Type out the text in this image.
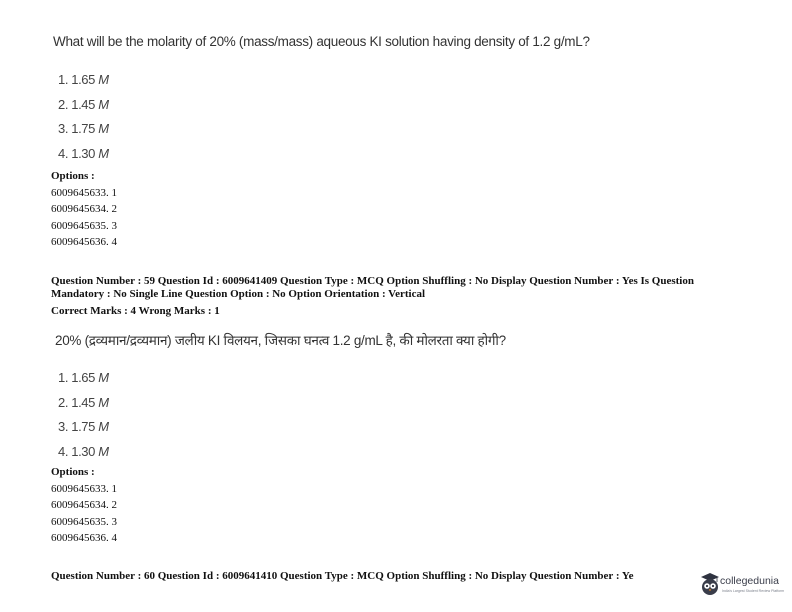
What will be the molarity of 20% (mass/mass) aqueous KI solution having density of 1.2 g/mL?
1. 1.65 M
2. 1.45 M
3. 1.75 M
4. 1.30 M
Options :
6009645633. 1
6009645634. 2
6009645635. 3
6009645636. 4
Question Number : 59 Question Id : 6009641409 Question Type : MCQ Option Shuffling : No Display Question Number : Yes Is Question Mandatory : No Single Line Question Option : No Option Orientation : Vertical
Correct Marks : 4 Wrong Marks : 1
20% (द्रव्यमान/द्रव्यमान) जलीय KI विलयन, जिसका घनत्व 1.2 g/mL है, की मोलरता क्या होगी?
1. 1.65 M
2. 1.45 M
3. 1.75 M
4. 1.30 M
Options :
6009645633. 1
6009645634. 2
6009645635. 3
6009645636. 4
Question Number : 60 Question Id : 6009641410 Question Type : MCQ Option Shuffling : No Display Question Number : Ye	collegedunia
India's Largest Student Review Platform
